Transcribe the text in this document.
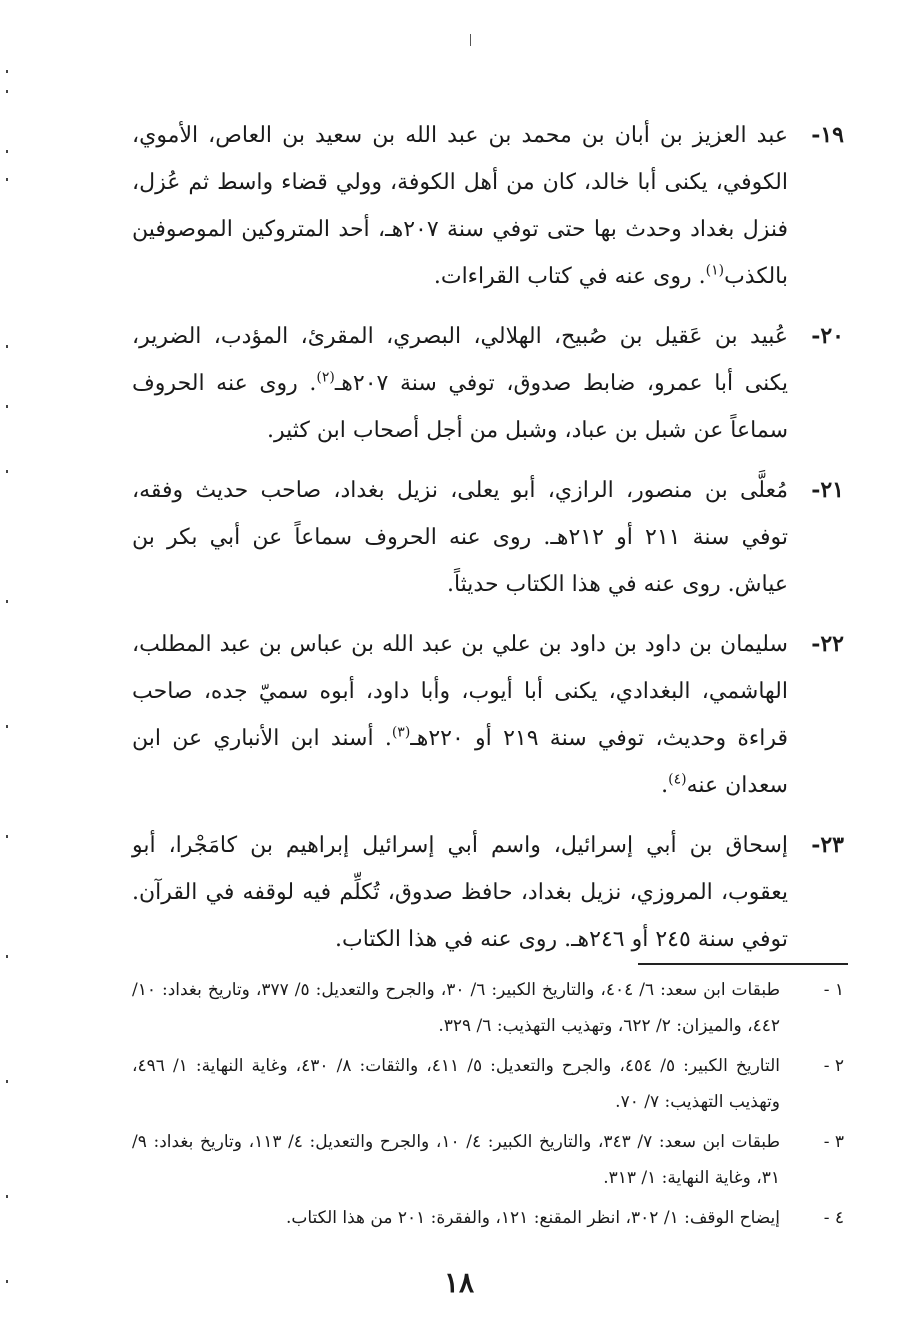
١٩-
عبد العزيز بن أبان بن محمد بن عبد الله بن سعيد بن العاص، الأموي، الكوفي، يكنى أبا خالد، كان من أهل الكوفة، وولي قضاء واسط ثم عُزل، فنزل بغداد وحدث بها حتى توفي سنة ٢٠٧هـ، أحد المتروكين الموصوفين بالكذب$^{(١)}$. روى عنه في كتاب القراءات.
٢٠-
عُبيد بن عَقيل بن صُبيح، الهلالي، البصري، المقرئ، المؤدب، الضرير، يكنى أبا عمرو، ضابط صدوق، توفي سنة ٢٠٧هـ$^{(٢)}$. روى عنه الحروف سماعاً عن شبل بن عباد، وشبل من أجل أصحاب ابن كثير.
٢١-
مُعلَّى بن منصور، الرازي، أبو يعلى، نزيل بغداد، صاحب حديث وفقه، توفي سنة ٢١١ أو ٢١٢هـ. روى عنه الحروف سماعاً عن أبي بكر بن عياش. روى عنه في هذا الكتاب حديثاً.
٢٢-
سليمان بن داود بن داود بن علي بن عبد الله بن عباس بن عبد المطلب، الهاشمي، البغدادي، يكنى أبا أيوب، وأبا داود، أبوه سميّ جده، صاحب قراءة وحديث، توفي سنة ٢١٩ أو ٢٢٠هـ$^{(٣)}$. أسند ابن الأنباري عن ابن سعدان عنه$^{(٤)}$.
٢٣-
إسحاق بن أبي إسرائيل، واسم أبي إسرائيل إبراهيم بن كامَجْرا، أبو يعقوب، المروزي، نزيل بغداد، حافظ صدوق، تُكلِّم فيه لوقفه في القرآن. توفي سنة ٢٤٥ أو ٢٤٦هـ. روى عنه في هذا الكتاب.
١ -
طبقات ابن سعد: ٦/ ٤٠٤، والتاريخ الكبير: ٦/ ٣٠، والجرح والتعديل: ٥/ ٣٧٧، وتاريخ بغداد: ١٠/ ٤٤٢، والميزان: ٢/ ٦٢٢، وتهذيب التهذيب: ٦/ ٣٢٩.
٢ -
التاريخ الكبير: ٥/ ٤٥٤، والجرح والتعديل: ٥/ ٤١١، والثقات: ٨/ ٤٣٠، وغاية النهاية: ١/ ٤٩٦، وتهذيب التهذيب: ٧/ ٧٠.
٣ -
طبقات ابن سعد: ٧/ ٣٤٣، والتاريخ الكبير: ٤/ ١٠، والجرح والتعديل: ٤/ ١١٣، وتاريخ بغداد: ٩/ ٣١، وغاية النهاية: ١/ ٣١٣.
٤ -
إيضاح الوقف: ١/ ٣٠٢، انظر المقنع: ١٢١، والفقرة: ٢٠١ من هذا الكتاب.
١٨
